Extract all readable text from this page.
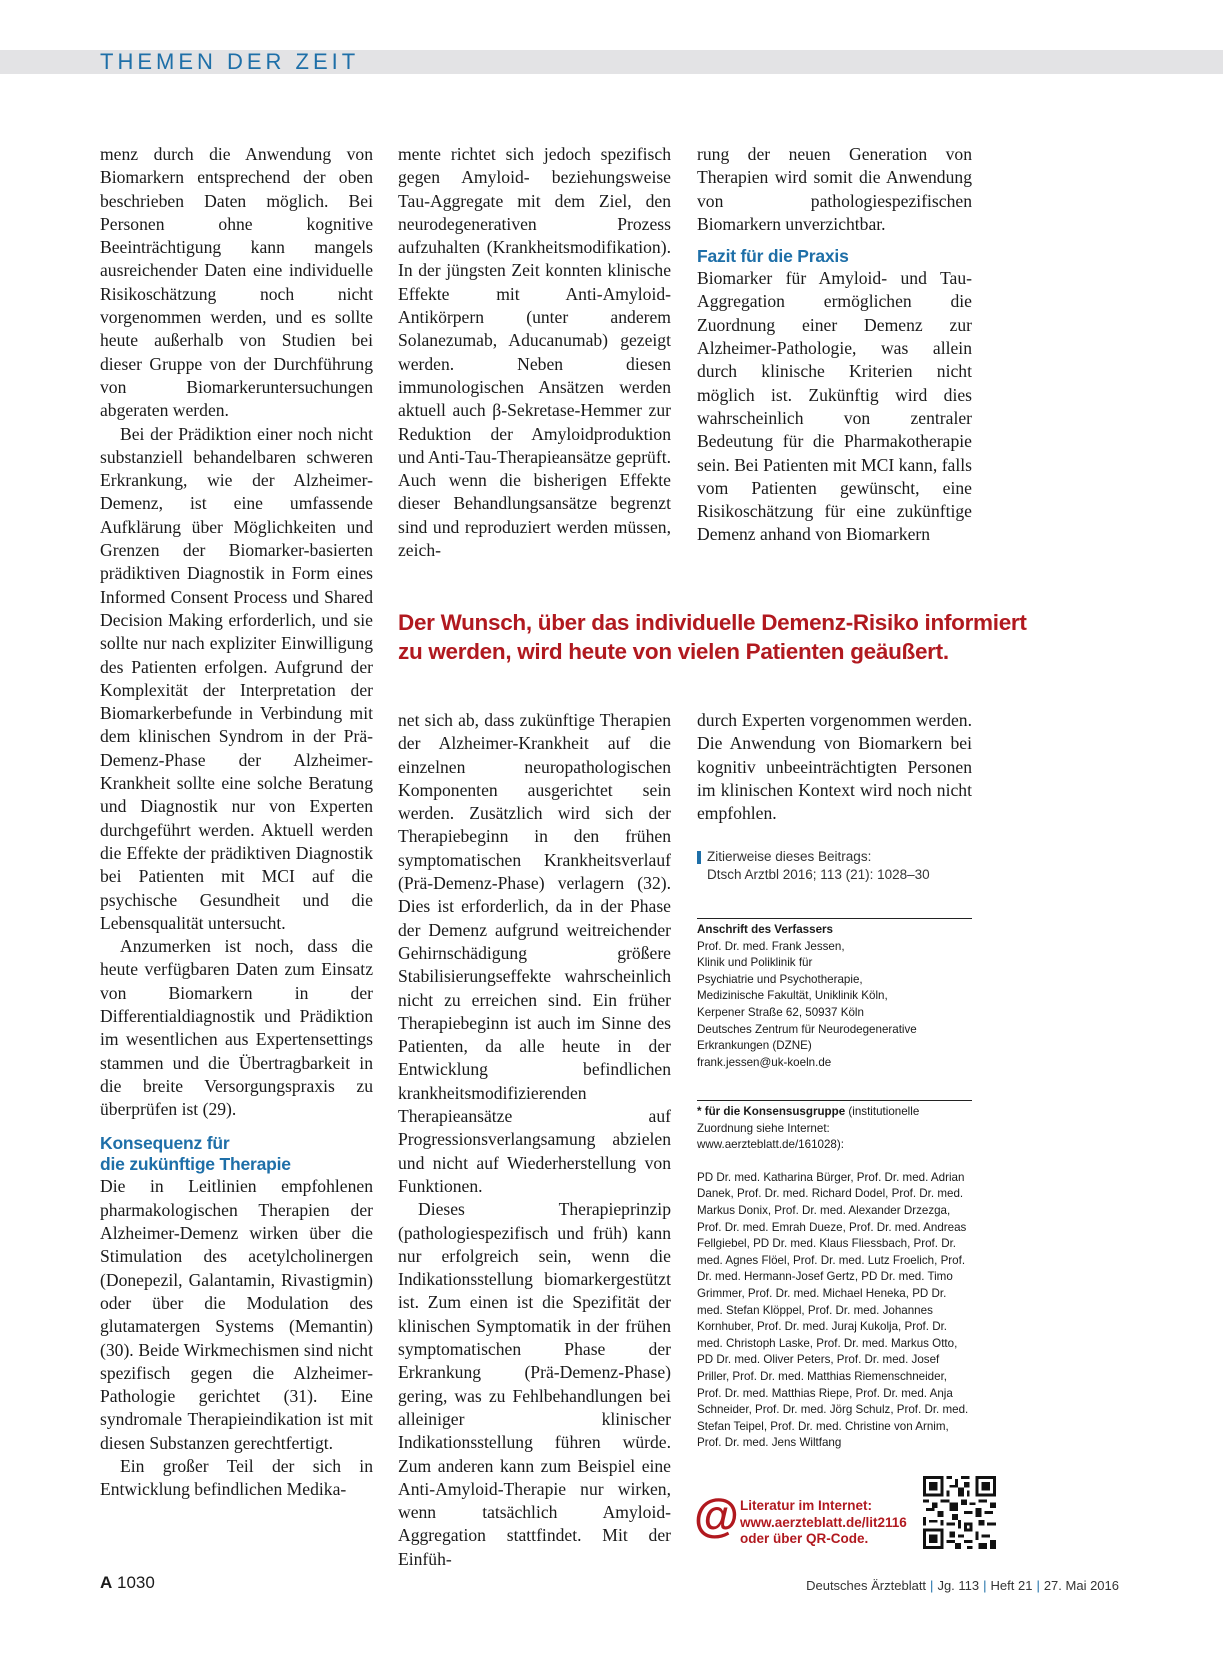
THEMEN DER ZEIT

menz durch die Anwendung von Biomarkern entsprechend der oben beschrieben Daten möglich. Bei Personen ohne kognitive Beeinträchtigung kann mangels ausreichender Daten eine individuelle Risikoschätzung noch nicht vorgenommen werden, und es sollte heute außerhalb von Studien bei dieser Gruppe von der Durchführung von Biomarkeruntersuchungen abgeraten werden.

Bei der Prädiktion einer noch nicht substanziell behandelbaren schweren Erkrankung, wie der Alzheimer-Demenz, ist eine umfassende Aufklärung über Möglichkeiten und Grenzen der Biomarker-basierten prädiktiven Diagnostik in Form eines Informed Consent Process und Shared Decision Making erforderlich, und sie sollte nur nach expliziter Einwilligung des Patienten erfolgen. Aufgrund der Komplexität der Interpretation der Biomarkerbefunde in Verbindung mit dem klinischen Syndrom in der Prä-Demenz-Phase der Alzheimer-Krankheit sollte eine solche Beratung und Diagnostik nur von Experten durchgeführt werden. Aktuell werden die Effekte der prädiktiven Diagnostik bei Patienten mit MCI auf die psychische Gesundheit und die Lebensqualität untersucht.

Anzumerken ist noch, dass die heute verfügbaren Daten zum Einsatz von Biomarkern in der Differentialdiagnostik und Prädiktion im wesentlichen aus Expertensettings stammen und die Übertragbarkeit in die breite Versorgungspraxis zu überprüfen ist (29).

Konsequenz für
die zukünftige Therapie

Die in Leitlinien empfohlenen pharmakologischen Therapien der Alzheimer-Demenz wirken über die Stimulation des acetylcholinergen (Donepezil, Galantamin, Rivastigmin) oder über die Modulation des glutamatergen Systems (Memantin) (30). Beide Wirkmechismen sind nicht spezifisch gegen die Alzheimer-Pathologie gerichtet (31). Eine syndromale Therapieindikation ist mit diesen Substanzen gerechtfertigt.

Ein großer Teil der sich in Entwicklung befindlichen Medika-

mente richtet sich jedoch spezifisch gegen Amyloid- beziehungsweise Tau-Aggregate mit dem Ziel, den neurodegenerativen Prozess aufzuhalten (Krankheitsmodifikation). In der jüngsten Zeit konnten klinische Effekte mit Anti-Amyloid-Antikörpern (unter anderem Solanezumab, Aducanumab) gezeigt werden. Neben diesen immunologischen Ansätzen werden aktuell auch β-Sekretase-Hemmer zur Reduktion der Amyloidproduktion und Anti-Tau-Therapieansätze geprüft. Auch wenn die bisherigen Effekte dieser Behandlungsansätze begrenzt sind und reproduziert werden müssen, zeich-

rung der neuen Generation von Therapien wird somit die Anwendung von pathologiespezifischen Biomarkern unverzichtbar.

Fazit für die Praxis

Biomarker für Amyloid- und Tau-Aggregation ermöglichen die Zuordnung einer Demenz zur Alzheimer-Pathologie, was allein durch klinische Kriterien nicht möglich ist. Zukünftig wird dies wahrscheinlich von zentraler Bedeutung für die Pharmakotherapie sein. Bei Patienten mit MCI kann, falls vom Patienten gewünscht, eine Risikoschätzung für eine zukünftige Demenz anhand von Biomarkern

Der Wunsch, über das individuelle Demenz-Risiko informiert
zu werden, wird heute von vielen Patienten geäußert.

net sich ab, dass zukünftige Therapien der Alzheimer-Krankheit auf die einzelnen neuropathologischen Komponenten ausgerichtet sein werden. Zusätzlich wird sich der Therapiebeginn in den frühen symptomatischen Krankheitsverlauf (Prä-Demenz-Phase) verlagern (32). Dies ist erforderlich, da in der Phase der Demenz aufgrund weitreichender Gehirnschädigung größere Stabilisierungseffekte wahrscheinlich nicht zu erreichen sind. Ein früher Therapiebeginn ist auch im Sinne des Patienten, da alle heute in der Entwicklung befindlichen krankheitsmodifizierenden Therapieansätze auf Progressionsverlangsamung abzielen und nicht auf Wiederherstellung von Funktionen.

Dieses Therapieprinzip (pathologiespezifisch und früh) kann nur erfolgreich sein, wenn die Indikationsstellung biomarkergestützt ist. Zum einen ist die Spezifität der klinischen Symptomatik in der frühen symptomatischen Phase der Erkrankung (Prä-Demenz-Phase) gering, was zu Fehlbehandlungen bei alleiniger klinischer Indikationsstellung führen würde. Zum anderen kann zum Beispiel eine Anti-Amyloid-Therapie nur wirken, wenn tatsächlich Amyloid-Aggregation stattfindet. Mit der Einfüh-

durch Experten vorgenommen werden. Die Anwendung von Biomarkern bei kognitiv unbeeinträchtigten Personen im klinischen Kontext wird noch nicht empfohlen.

Zitierweise dieses Beitrags:
Dtsch Arztbl 2016; 113 (21): 1028–30
Anschrift des Verfassers
Prof. Dr. med. Frank Jessen,
Klinik und Poliklinik für
Psychiatrie und Psychotherapie,
Medizinische Fakultät, Uniklinik Köln,
Kerpener Straße 62, 50937 Köln
Deutsches Zentrum für Neurodegenerative
Erkrankungen (DZNE)
frank.jessen@uk-koeln.de
* für die Konsensusgruppe (institutionelle Zuordnung siehe Internet: www.aerzteblatt.de/161028):
PD Dr. med. Katharina Bürger, Prof. Dr. med. Adrian Danek, Prof. Dr. med. Richard Dodel, Prof. Dr. med. Markus Donix, Prof. Dr. med. Alexander Drzezga, Prof. Dr. med. Emrah Dueze, Prof. Dr. med. Andreas Fellgiebel, PD Dr. med. Klaus Fliessbach, Prof. Dr. med. Agnes Flöel, Prof. Dr. med. Lutz Froelich, Prof. Dr. med. Hermann-Josef Gertz, PD Dr. med. Timo Grimmer, Prof. Dr. med. Michael Heneka, PD Dr. med. Stefan Klöppel, Prof. Dr. med. Johannes Kornhuber, Prof. Dr. med. Juraj Kukolja, Prof. Dr. med. Christoph Laske, Prof. Dr. med. Markus Otto, PD Dr. med. Oliver Peters, Prof. Dr. med. Josef Priller, Prof. Dr. med. Matthias Riemenschneider, Prof. Dr. med. Matthias Riepe, Prof. Dr. med. Anja Schneider, Prof. Dr. med. Jörg Schulz, Prof. Dr. med. Stefan Teipel, Prof. Dr. med. Christine von Arnim, Prof. Dr. med. Jens Wiltfang
@ Literatur im Internet:
www.aerzteblatt.de/lit2116
oder über QR-Code.
A 1030	Deutsches Ärzteblatt | Jg. 113 | Heft 21 | 27. Mai 2016
